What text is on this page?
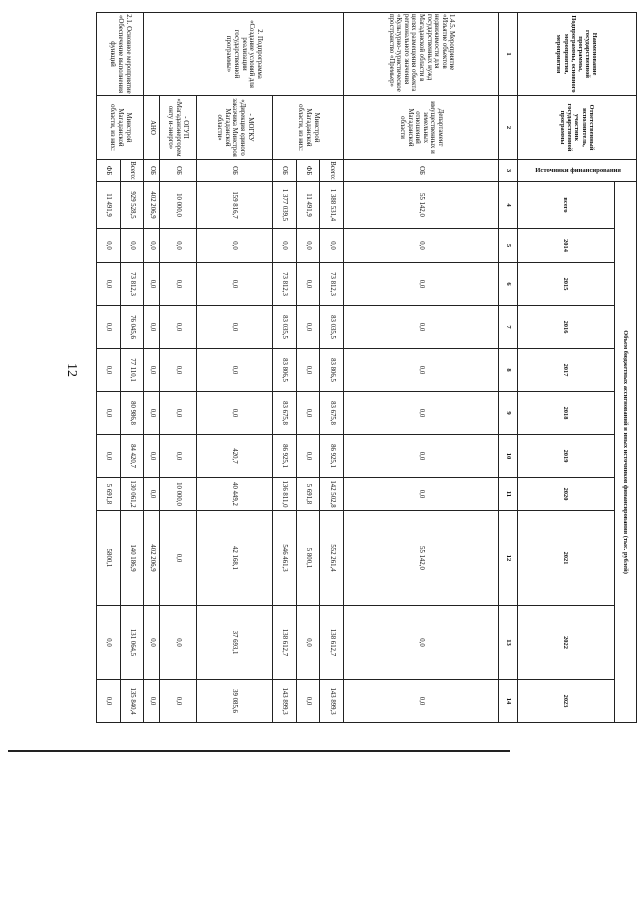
12
Наименование государственной программы, Подпрограммы, основного мероприятия, мероприятия	Ответственный исполнитель, участник государственной программы	Источники финансирования	Объем бюджетных ассигнований и иных источников финансирования (тыс. рублей)										
			всего	2014	2015	2016	2017	2018	2019	2020	2021	2022	2023
1	2	3	4	5	6	7	8	9	10	11	12	13	14
1.4.5. Мероприятие «Изъятие объектов недвижимости для государственных нужд Магаданской области в целях размещения объекта регионального значения «Культурно-туристическое пространство «Премьер»	Департамент имущественных и земельных отношений Магаданской области	ОБ	55 142,0	0,0	0,0	0,0	0,0	0,0	0,0	0,0	55 142,0	0,0	0,0
2. Подпрограмма «Создание условий для реализации государственной программы»	Минстрой Магаданской области, из них:	Всего:	1 388 531,4	0,0	73 812,3	83 035,5	83 806,5	83 675,8	86 925,1	142 502,8	552 261,4	138 612,7	143 899,3
		ФБ	11 491,9	0,0	0,0	0,0	0,0	0,0	0,0	5 691,8	5 800,1	0,0	0,0
		ОБ	1 377 039,5	0,0	73 812,3	83 035,5	83 806,5	83 675,8	86 925,1	136 811,0	546 461,3	138 612,7	143 899,3
	- МОГКУ «Дирекция единого заказчика Минстроя Магаданской области»	ОБ	159 816,7	0,0	0,0	0,0	0,0	0,0	420,7	40 449,2	42 168,1	37 693,1	39 085,6
	- ОГУП «Магаданэнергоремонту и-энерго»	ОБ	10 000,0	0,0	0,0	0,0	0,0	0,0	0,0	10 000,0	0,0	0,0	0,0
	АНО	ОБ	402 206,9	0,0	0,0	0,0	0,0	0,0	0,0	0,0	402 206,9	0,0	0,0
2.1. Основное мероприятие «Обеспечение выполнения функций	Минстрой Магаданской области, из них:	Всего:	929 528,5	0,0	73 812,3	76 045,6	77 110,1	80 986,8	84 420,7	130 061,2	140 186,9	131 064,5	135 840,4
		ФБ	11 491,9	0,0	0,0	0,0	0,0	0,0	0,0	5 691,8	5800,1	0,0	0,0
